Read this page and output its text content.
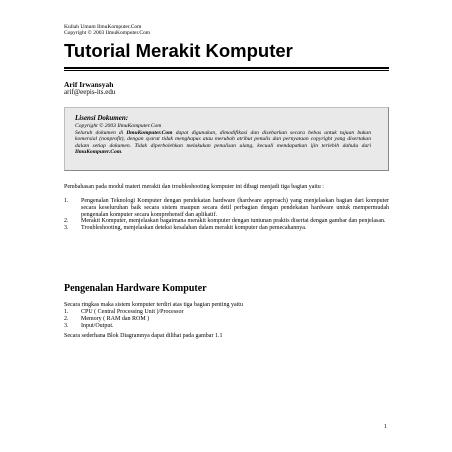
Kuliah Umum IlmuKomputer.Com
Copyright © 2003 IlmuKomputer.Com
Tutorial Merakit Komputer
Arif Irwansyah
arif@eepis-its.edu
Lisensi Dokumen:
Copyright © 2003 IlmuKomputer.Com
Seluruh dokumen di IlmuKomputer.Com dapat digunakan, dimodifikasi dan disebarkan secara bebas untuk tujuan bukan komersial (nonprofit), dengan syarat tidak menghapus atau merubah atribut penulis dan pernyataan copyright yang disertakan dalam setiap dokumen. Tidak diperbolehkan melakukan penulisan ulang, kecuali mendapatkan ijin terlebih dahulu dari IlmuKomputer.Com.
Pembahasan pada modul materi merakit dan troubleshooting komputer ini dibagi menjadi tiga bagian yaitu :
1. Pengenalan Teknologi Komputer dengan pendekatan hardware (hardware approach) yang menjelaskan bagian dari komputer secara keseluruhan baik secara sistem maupun secara detil perbagian dengan pendekatan hardware untuk mempermudah pengenalan komputer secara komprehensif dan aplikatif.
2. Merakit Komputer, menjelaskan bagaimana merakit komputer dengan tuntunan praktis disertai dengan gambar dan penjelasan.
3. Troubleshooting, menjelaskan deteksi kesalahan dalam merakit komputer dan pemecahannya.
Pengenalan Hardware Komputer
Secara ringkas maka sistem komputer terdiri atas tiga bagian penting yaitu
1. CPU ( Central Processing Unit )/Processor
2. Memory ( RAM dan ROM )
3. Input/Output.
Secara sederhana Blok Diagramnya dapat dilihat pada gambar 1.1
1
